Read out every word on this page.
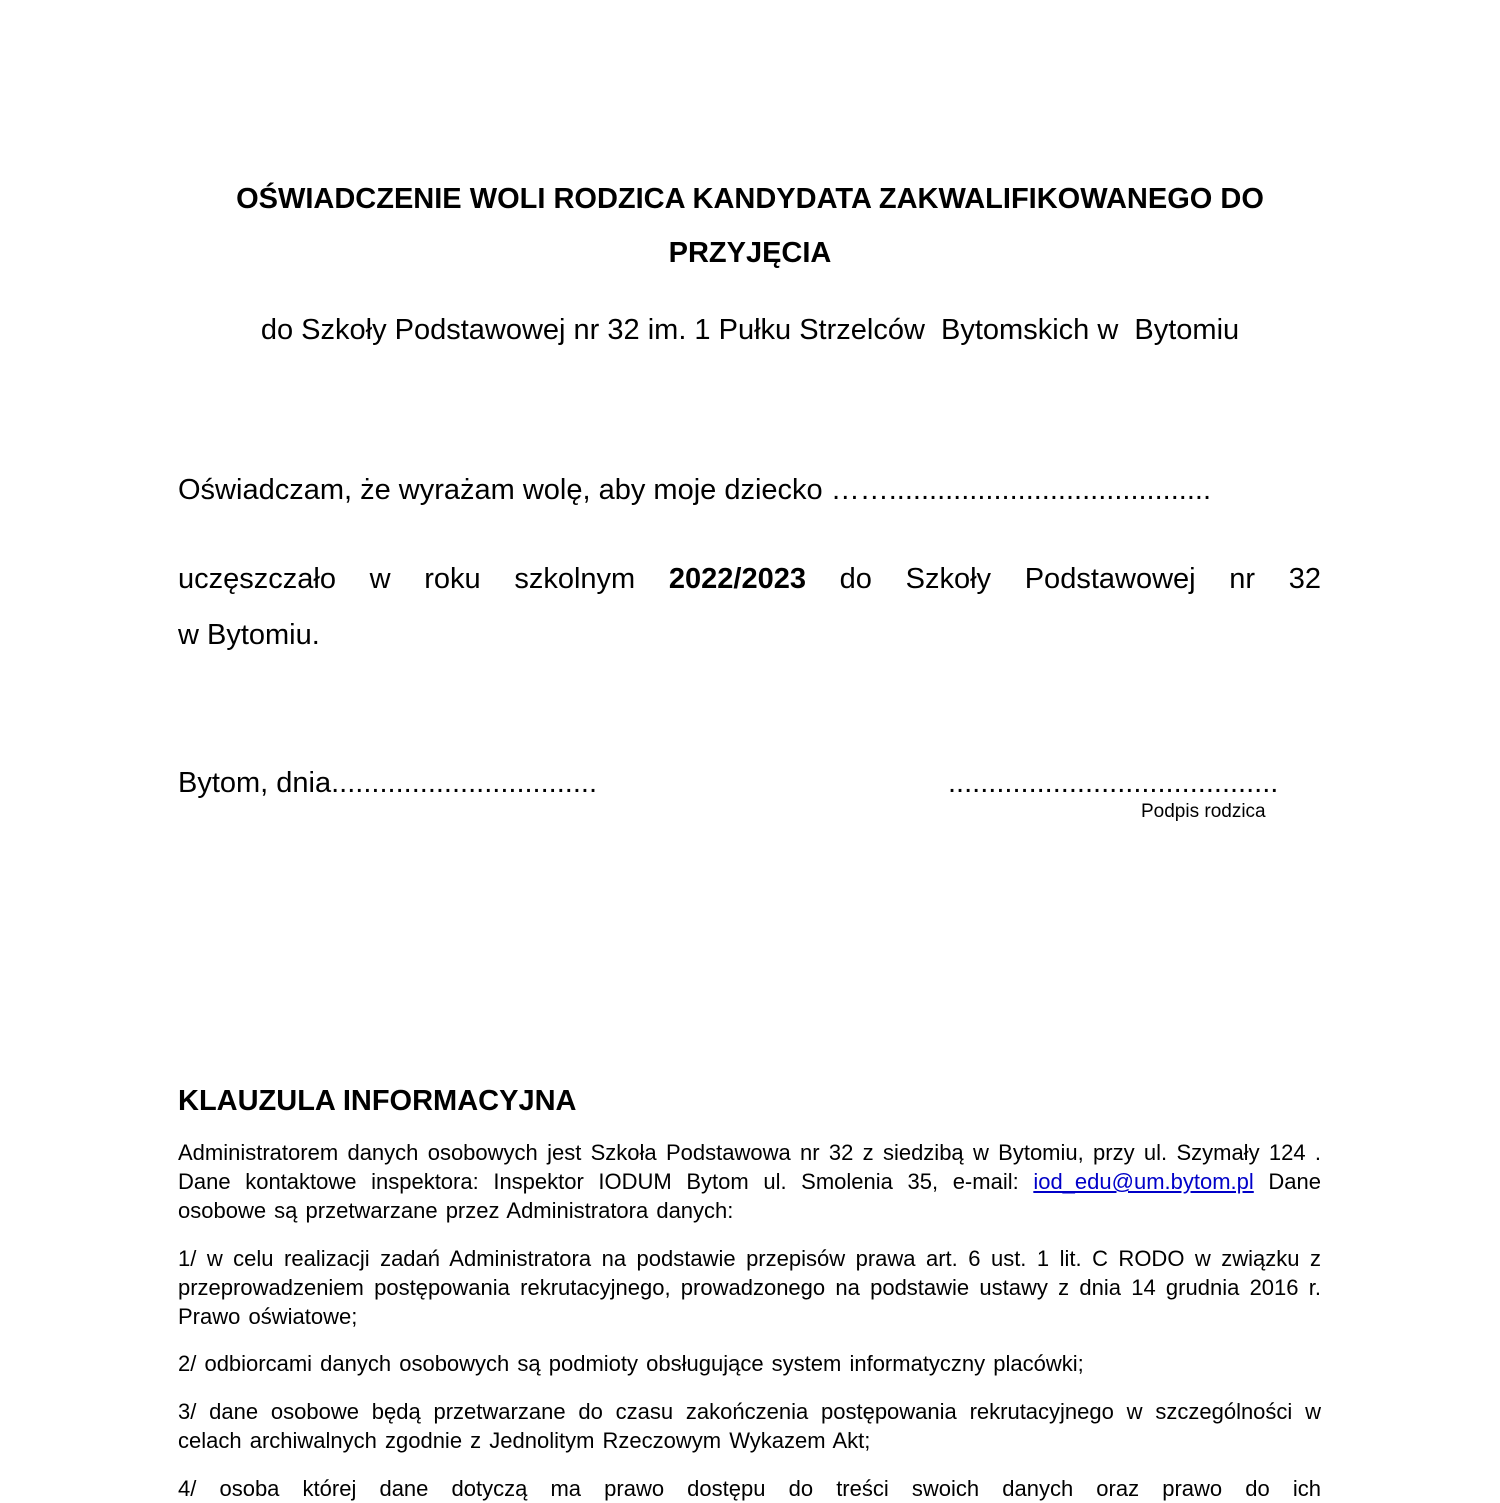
OŚWIADCZENIE WOLI RODZICA KANDYDATA ZAKWALIFIKOWANEGO DO
PRZYJĘCIA
do Szkoły Podstawowej nr 32 im. 1 Pułku Strzelców  Bytomskich w  Bytomiu
Oświadczam, że wyrażam wolę, aby moje dziecko ……........................................
uczęszczało w roku szkolnym 2022/2023 do Szkoły Podstawowej nr 32
w Bytomiu.
Bytom, dnia.................................	.........................................
Podpis rodzica
KLAUZULA INFORMACYJNA

Administratorem danych osobowych jest Szkoła Podstawowa nr 32 z siedzibą w Bytomiu, przy ul. Szymały 124 . Dane kontaktowe inspektora: Inspektor IODUM Bytom ul. Smolenia 35, e-mail: iod_edu@um.bytom.pl Dane osobowe są przetwarzane przez Administratora danych:

1/ w celu realizacji zadań Administratora na podstawie przepisów prawa art. 6 ust. 1 lit. C RODO w związku z przeprowadzeniem postępowania rekrutacyjnego, prowadzonego na podstawie ustawy z dnia 14 grudnia 2016 r. Prawo oświatowe;

2/ odbiorcami danych osobowych są podmioty obsługujące system informatyczny placówki;

3/ dane osobowe będą przetwarzane do czasu zakończenia postępowania rekrutacyjnego w szczególności w celach archiwalnych zgodnie z Jednolitym Rzeczowym Wykazem Akt;

4/ osoba której dane dotyczą ma prawo dostępu do treści swoich danych oraz prawo do ich
